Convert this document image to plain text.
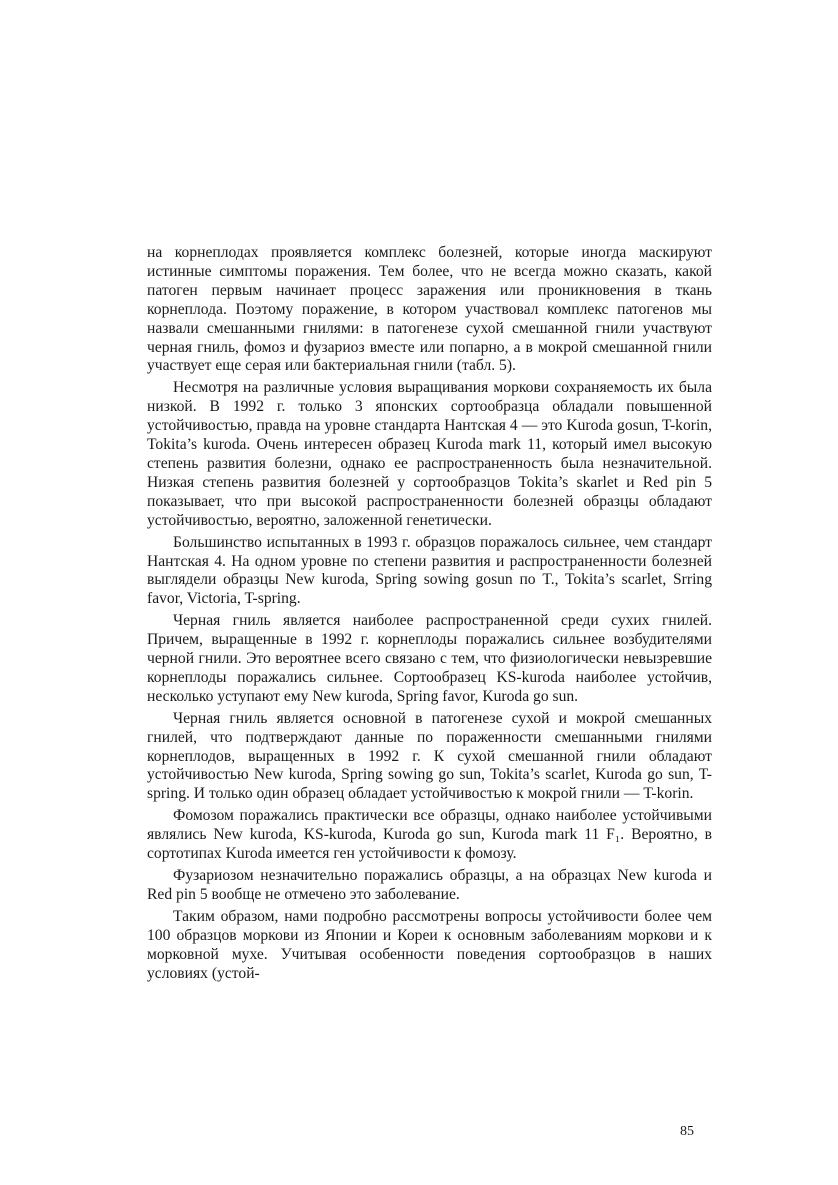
на корнеплодах проявляется комплекс болезней, которые иногда маскируют истинные симптомы поражения. Тем более, что не всегда можно сказать, какой патоген первым начинает процесс заражения или проникновения в ткань корнеплода. Поэтому поражение, в котором участвовал комплекс патогенов мы назвали смешанными гнилями: в патогенезе сухой смешанной гнили участвуют черная гниль, фомоз и фузариоз вместе или попарно, а в мокрой смешанной гнили участвует еще серая или бактериальная гнили (табл. 5).

Несмотря на различные условия выращивания моркови сохраняемость их была низкой. В 1992 г. только 3 японских сортообразца обладали повышенной устойчивостью, правда на уровне стандарта Нантская 4 — это Kuroda gosun, T-korin, Tokita’s kuroda. Очень интересен образец Kuroda mark 11, который имел высокую степень развития болезни, однако ее распространенность была незначительной. Низкая степень развития болезней у сортообразцов Tokita’s skarlet и Red pin 5 показывает, что при высокой распространенности болезней образцы обладают устойчивостью, вероятно, заложенной генетически.

Большинство испытанных в 1993 г. образцов поражалось сильнее, чем стандарт Нантская 4. На одном уровне по степени развития и распространенности болезней выглядели образцы New kuroda, Spring sowing gosun по T., Tokita’s scarlet, Srring favor, Victoria, T-spring.

Черная гниль является наиболее распространенной среди сухих гнилей. Причем, выращенные в 1992 г. корнеплоды поражались сильнее возбудителями черной гнили. Это вероятнее всего связано с тем, что физиологически невызревшие корнеплоды поражались сильнее. Сортообразец KS-kuroda наиболее устойчив, несколько уступают ему New kuroda, Spring favor, Kuroda go sun.

Черная гниль является основной в патогенезе сухой и мокрой смешанных гнилей, что подтверждают данные по пораженности смешанными гнилями корнеплодов, выращенных в 1992 г. К сухой смешанной гнили обладают устойчивостью New kuroda, Spring sowing go sun, Tokita’s scarlet, Kuroda go sun, T-spring. И только один образец обладает устойчивостью к мокрой гнили — T-korin.

Фомозом поражались практически все образцы, однако наиболее устойчивыми являлись New kuroda, KS-kuroda, Kuroda go sun, Kuroda mark 11 F₁. Вероятно, в сортотипах Kuroda имеется ген устойчивости к фомозу.

Фузариозом незначительно поражались образцы, а на образцах New kuroda и Red pin 5 вообще не отмечено это заболевание.

Таким образом, нами подробно рассмотрены вопросы устойчивости более чем 100 образцов моркови из Японии и Кореи к основным заболеваниям моркови и к морковной мухе. Учитывая особенности поведения сортообразцов в наших условиях (устой-

85
